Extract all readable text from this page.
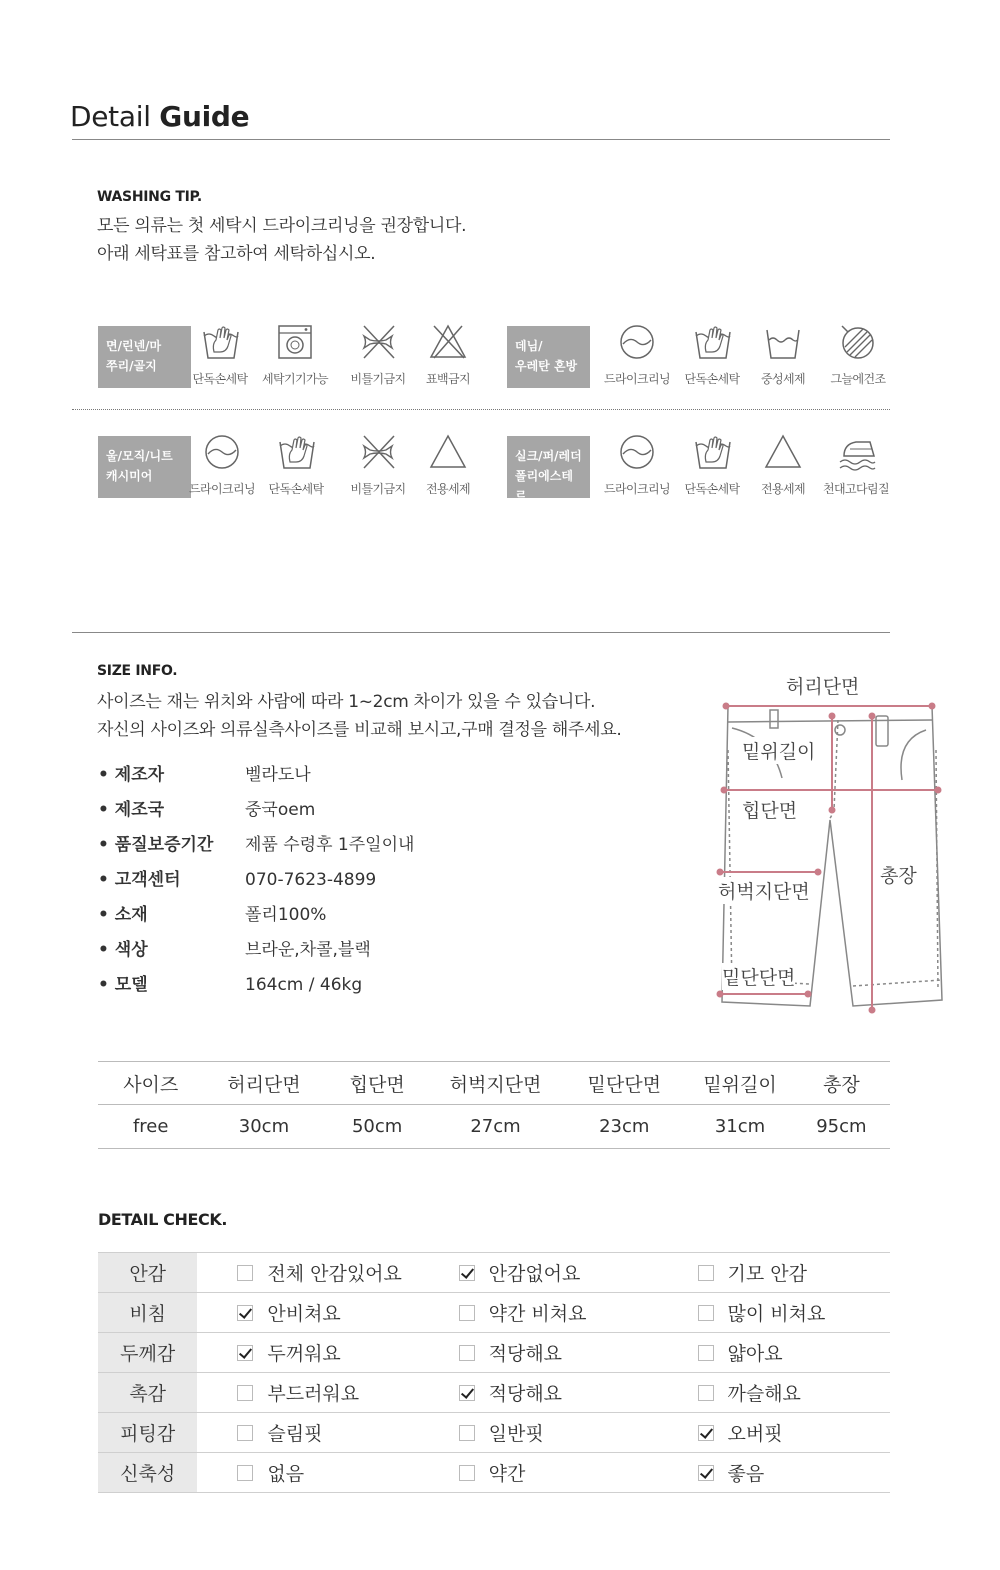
Detail Guide
WASHING TIP.
모든 의류는 첫 세탁시 드라이크리닝을 권장합니다.
아래 세탁표를 참고하여 세탁하십시오.
면/린넨/마
쭈리/골지
단독손세탁	세탁기기가능	비틀기금지	표백금지
데님/
우레탄 혼방
드라이크리닝	단독손세탁	중성세제	그늘에건조
울/모직/니트
캐시미어
드라이크리닝	단독손세탁	비틀기금지	전용세제
실크/퍼/레더
폴리에스테르	드라이크리닝	단독손세탁	전용세제	천대고다림질
SIZE INFO.
사이즈는 재는 위치와 사람에 따라 1~2cm 차이가 있을 수 있습니다.
자신의 사이즈와 의류실측사이즈를 비교해 보시고,구매 결정을 해주세요.
• 제조자	벨라도나
• 제조국	중국oem
• 품질보증기간 제품 수령후 1주일이내
• 고객센터	070-7623-4899
• 소재	폴리100%
• 색상	브라운,차콜,블랙
• 모델	164cm / 46kg
허리단면
밑위길이
힙단면
허벅지단면
밑단단면
총장
사이즈	허리단면	힙단면	허벅지단면	밑단단면	밑위길이	총장
free	30cm	50cm	27cm	23cm	31cm	95cm
DETAIL CHECK.
안감	전체 안감있어요	안감없어요	기모 안감

비침	안비쳐요	약간 비쳐요	많이 비쳐요

두께감	두꺼워요	적당해요	얇아요

촉감	부드러워요	적당해요	까슬해요

피팅감	슬림핏	일반핏	오버핏

신축성	없음	약간	좋음
